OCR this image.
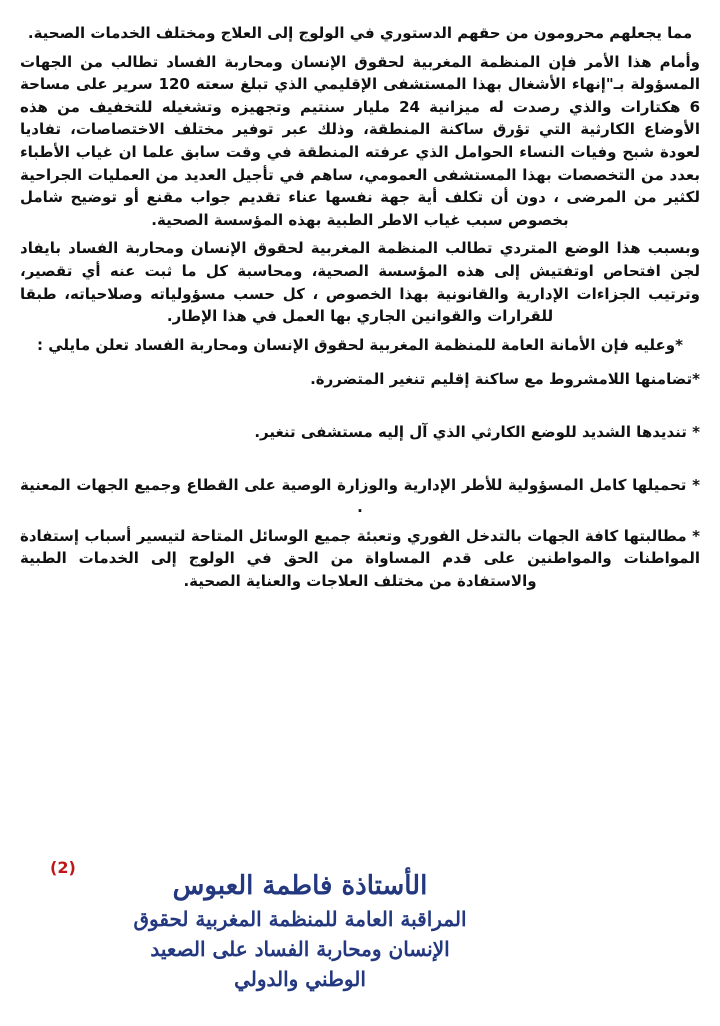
مما يجعلهم محرومون من حقهم الدستوري في الولوج إلى العلاج ومختلف الخدمات الصحية.

وأمام هذا الأمر فإن المنظمة المغربية لحقوق الإنسان ومحاربة الفساد تطالب من الجهات المسؤولة بـ"إنهاء الأشغال بهذا المستشفى الإقليمي الذي تبلغ سعته 120 سرير على مساحة 6 هكتارات والذي رصدت له ميزانية 24 مليار سنتيم وتجهيزه وتشغيله للتخفيف من هذه الأوضاع الكارثية التي تؤرق ساكنة المنطقة، وذلك عبر توفير مختلف الاختصاصات، تفاديا لعودة شبح وفيات النساء الحوامل الذي عرفته المنطقة في وقت سابق علما ان غياب الأطباء بعدد من التخصصات بهذا المستشفى العمومي، ساهم في تأجيل العديد من العمليات الجراحية لكثير من المرضى ، دون أن تكلف أية جهة نفسها عناء تقديم جواب مقنع أو توضيح شامل بخصوص سبب غياب الاطر الطبية بهذه المؤسسة الصحية.

وبسبب هذا الوضع المتردي تطالب المنظمة المغربية لحقوق الإنسان ومحاربة الفساد بايفاد لجن افتحاص اوتفتيش إلى هذه المؤسسة الصحية، ومحاسبة كل ما ثبت عنه أي تقصير، وترتيب الجزاءات الإدارية والقانونية بهذا الخصوص ، كل حسب مسؤولياته وصلاحياته، طبقا للقرارات والقوانين الجاري بها العمل في هذا الإطار.

*وعليه فإن الأمانة العامة للمنظمة المغربية لحقوق الإنسان ومحاربة الفساد تعلن مايلي :

*تضامنها اللامشروط مع ساكنة إقليم تنغير المتضررة.

* تنديدها الشديد للوضع الكارثي الذي آل إليه مستشفى تنغير.

* تحميلها كامل المسؤولية للأطر الإدارية والوزارة الوصية على القطاع وجميع الجهات المعنية .

* مطالبتها كافة الجهات بالتدخل الفوري وتعبئة جميع الوسائل المتاحة لتيسير أسباب إستفادة المواطنات والمواطنين على قدم المساواة من الحق في الولوج إلى الخدمات الطبية والاستفادة من مختلف العلاجات والعناية الصحية.

(2)
الأستاذة فاطمة العبوس
المراقبة العامة للمنظمة المغربية لحقوق
الإنسان ومحاربة الفساد على الصعيد
الوطني والدولي
